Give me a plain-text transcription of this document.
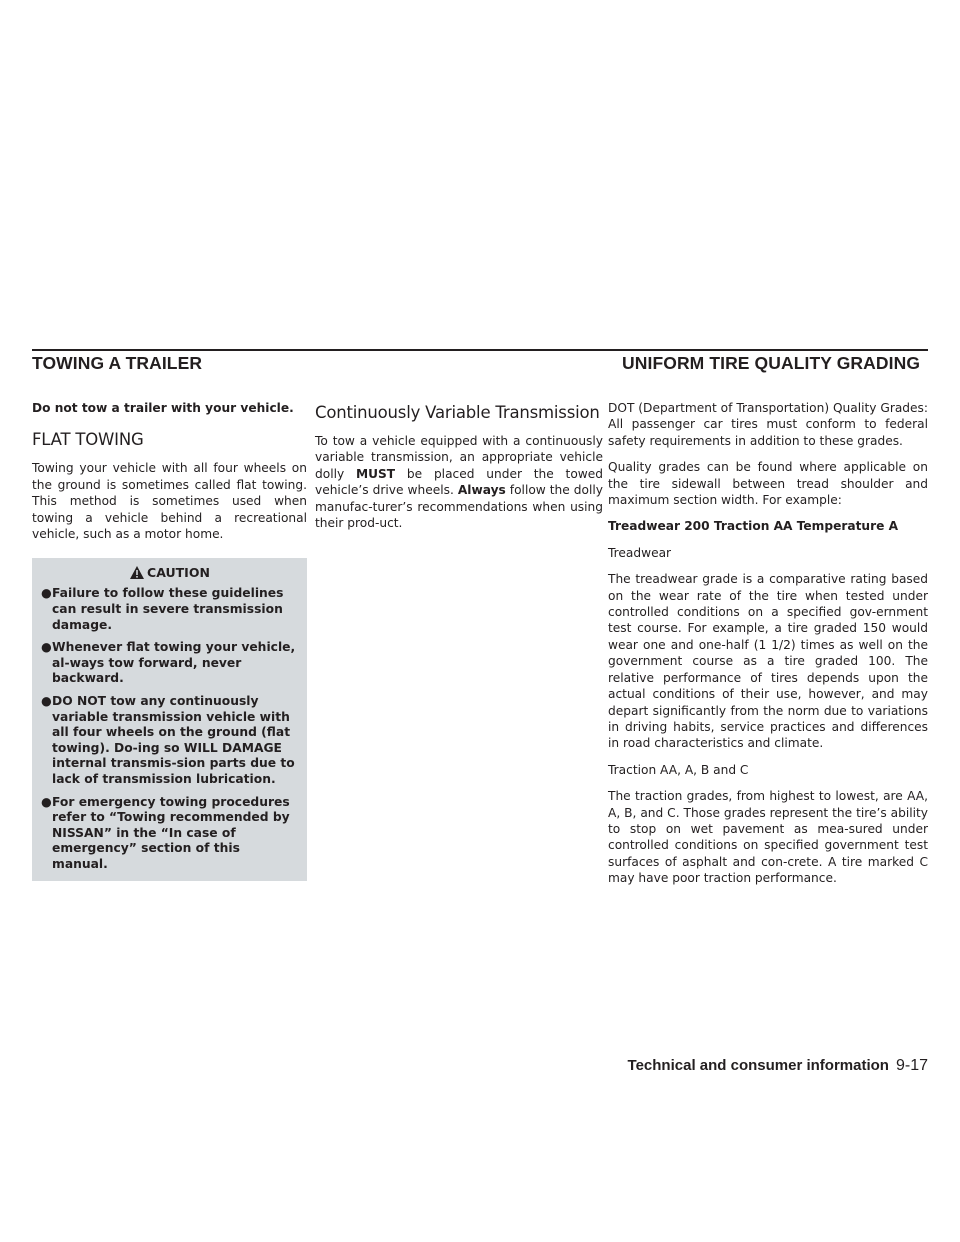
TOWING A TRAILER	UNIFORM TIRE QUALITY GRADING

Do not tow a trailer with your vehicle.

FLAT TOWING

Towing your vehicle with all four wheels on the ground is sometimes called flat towing. This method is sometimes used when towing a vehicle behind a recreational vehicle, such as a motor home.

CAUTION
● Failure to follow these guidelines can result in severe transmission damage.
● Whenever flat towing your vehicle, al-ways tow forward, never backward.
● DO NOT tow any continuously variable transmission vehicle with all four wheels on the ground (flat towing). Do-ing so WILL DAMAGE internal transmis-sion parts due to lack of transmission lubrication.
● For emergency towing procedures refer to “Towing recommended by NISSAN” in the “In case of emergency” section of this manual.
Continuously Variable Transmission

To tow a vehicle equipped with a continuously variable transmission, an appropriate vehicle dolly MUST be placed under the towed vehicle’s drive wheels. Always follow the dolly manufac-turer’s recommendations when using their prod-uct.

DOT (Department of Transportation) Quality Grades: All passenger car tires must conform to federal safety requirements in addition to these grades.

Quality grades can be found where applicable on the tire sidewall between tread shoulder and maximum section width. For example:

Treadwear 200 Traction AA Temperature A

Treadwear

The treadwear grade is a comparative rating based on the wear rate of the tire when tested under controlled conditions on a specified gov-ernment test course. For example, a tire graded 150 would wear one and one-half (1 1/2) times as well on the government course as a tire graded 100. The relative performance of tires depends upon the actual conditions of their use, however, and may depart significantly from the norm due to variations in driving habits, service practices and differences in road characteristics and climate.

Traction AA, A, B and C

The traction grades, from highest to lowest, are AA, A, B, and C. Those grades represent the tire’s ability to stop on wet pavement as mea-sured under controlled conditions on specified government test surfaces of asphalt and con-crete. A tire marked C may have poor traction performance.

Technical and consumer information 9-17
